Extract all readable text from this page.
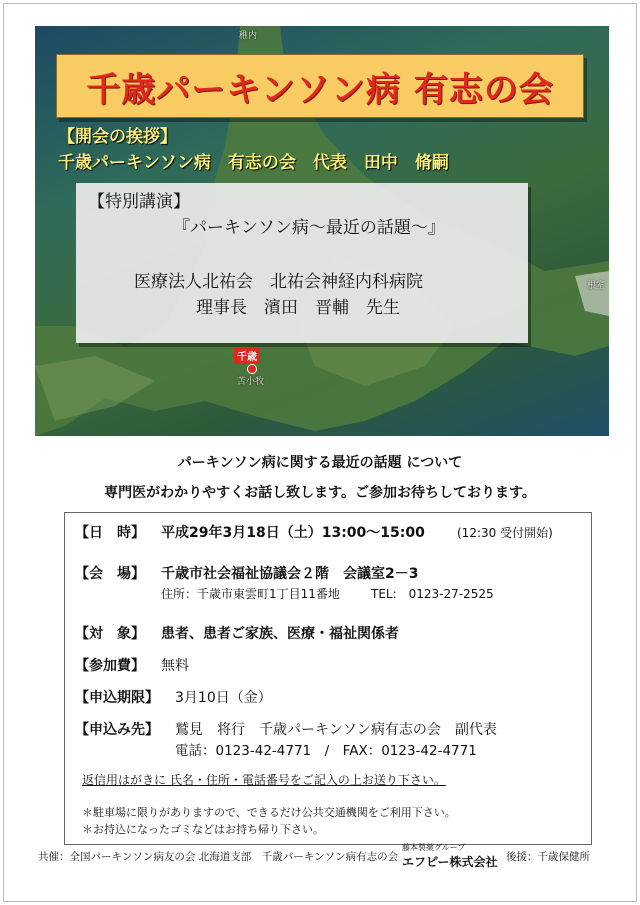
稚内
根室
苫小牧
千歳パーキンソン病 有志の会
【開会の挨拶】
千歳パーキンソン病　有志の会　代表　田中　脩嗣
【特別講演】
『パーキンソン病～最近の話題～』
医療法人北祐会　北祐会神経内科病院
理事長　濱田　晋輔　先生
千歳
パーキンソン病に関する最近の話題 について
専門医がわかりやすくお話し致します。ご参加お待ちしております。
【日　時】 平成29年3月18日（土）13:00～15:00	(12:30 受付開始)
【会　場】 千歳市社会福祉協議会２階　会議室2－3
住所：千歳市東雲町1丁目11番地	TEL:　0123-27-2525
【対　象】 患者、患者ご家族、医療・福祉関係者
【参加費】 無料
【申込期限】 3月10日（金）
【申込み先】 鷲見　将行　千歳パーキンソン病有志の会　副代表
電話：0123-42-4771　/　FAX：0123-42-4771
返信用はがきに 氏名・住所・電話番号をご記入の上お送り下さい。
＊駐車場に限りがありますので、できるだけ公共交通機関をご利用下さい。
＊お持込になったゴミなどはお持ち帰り下さい。
共催：全国パーキンソン病友の会 北海道支部　千歳パーキンソン病有志の会
藤本製薬グループ
エフピー株式会社 後援：千歳保健所
